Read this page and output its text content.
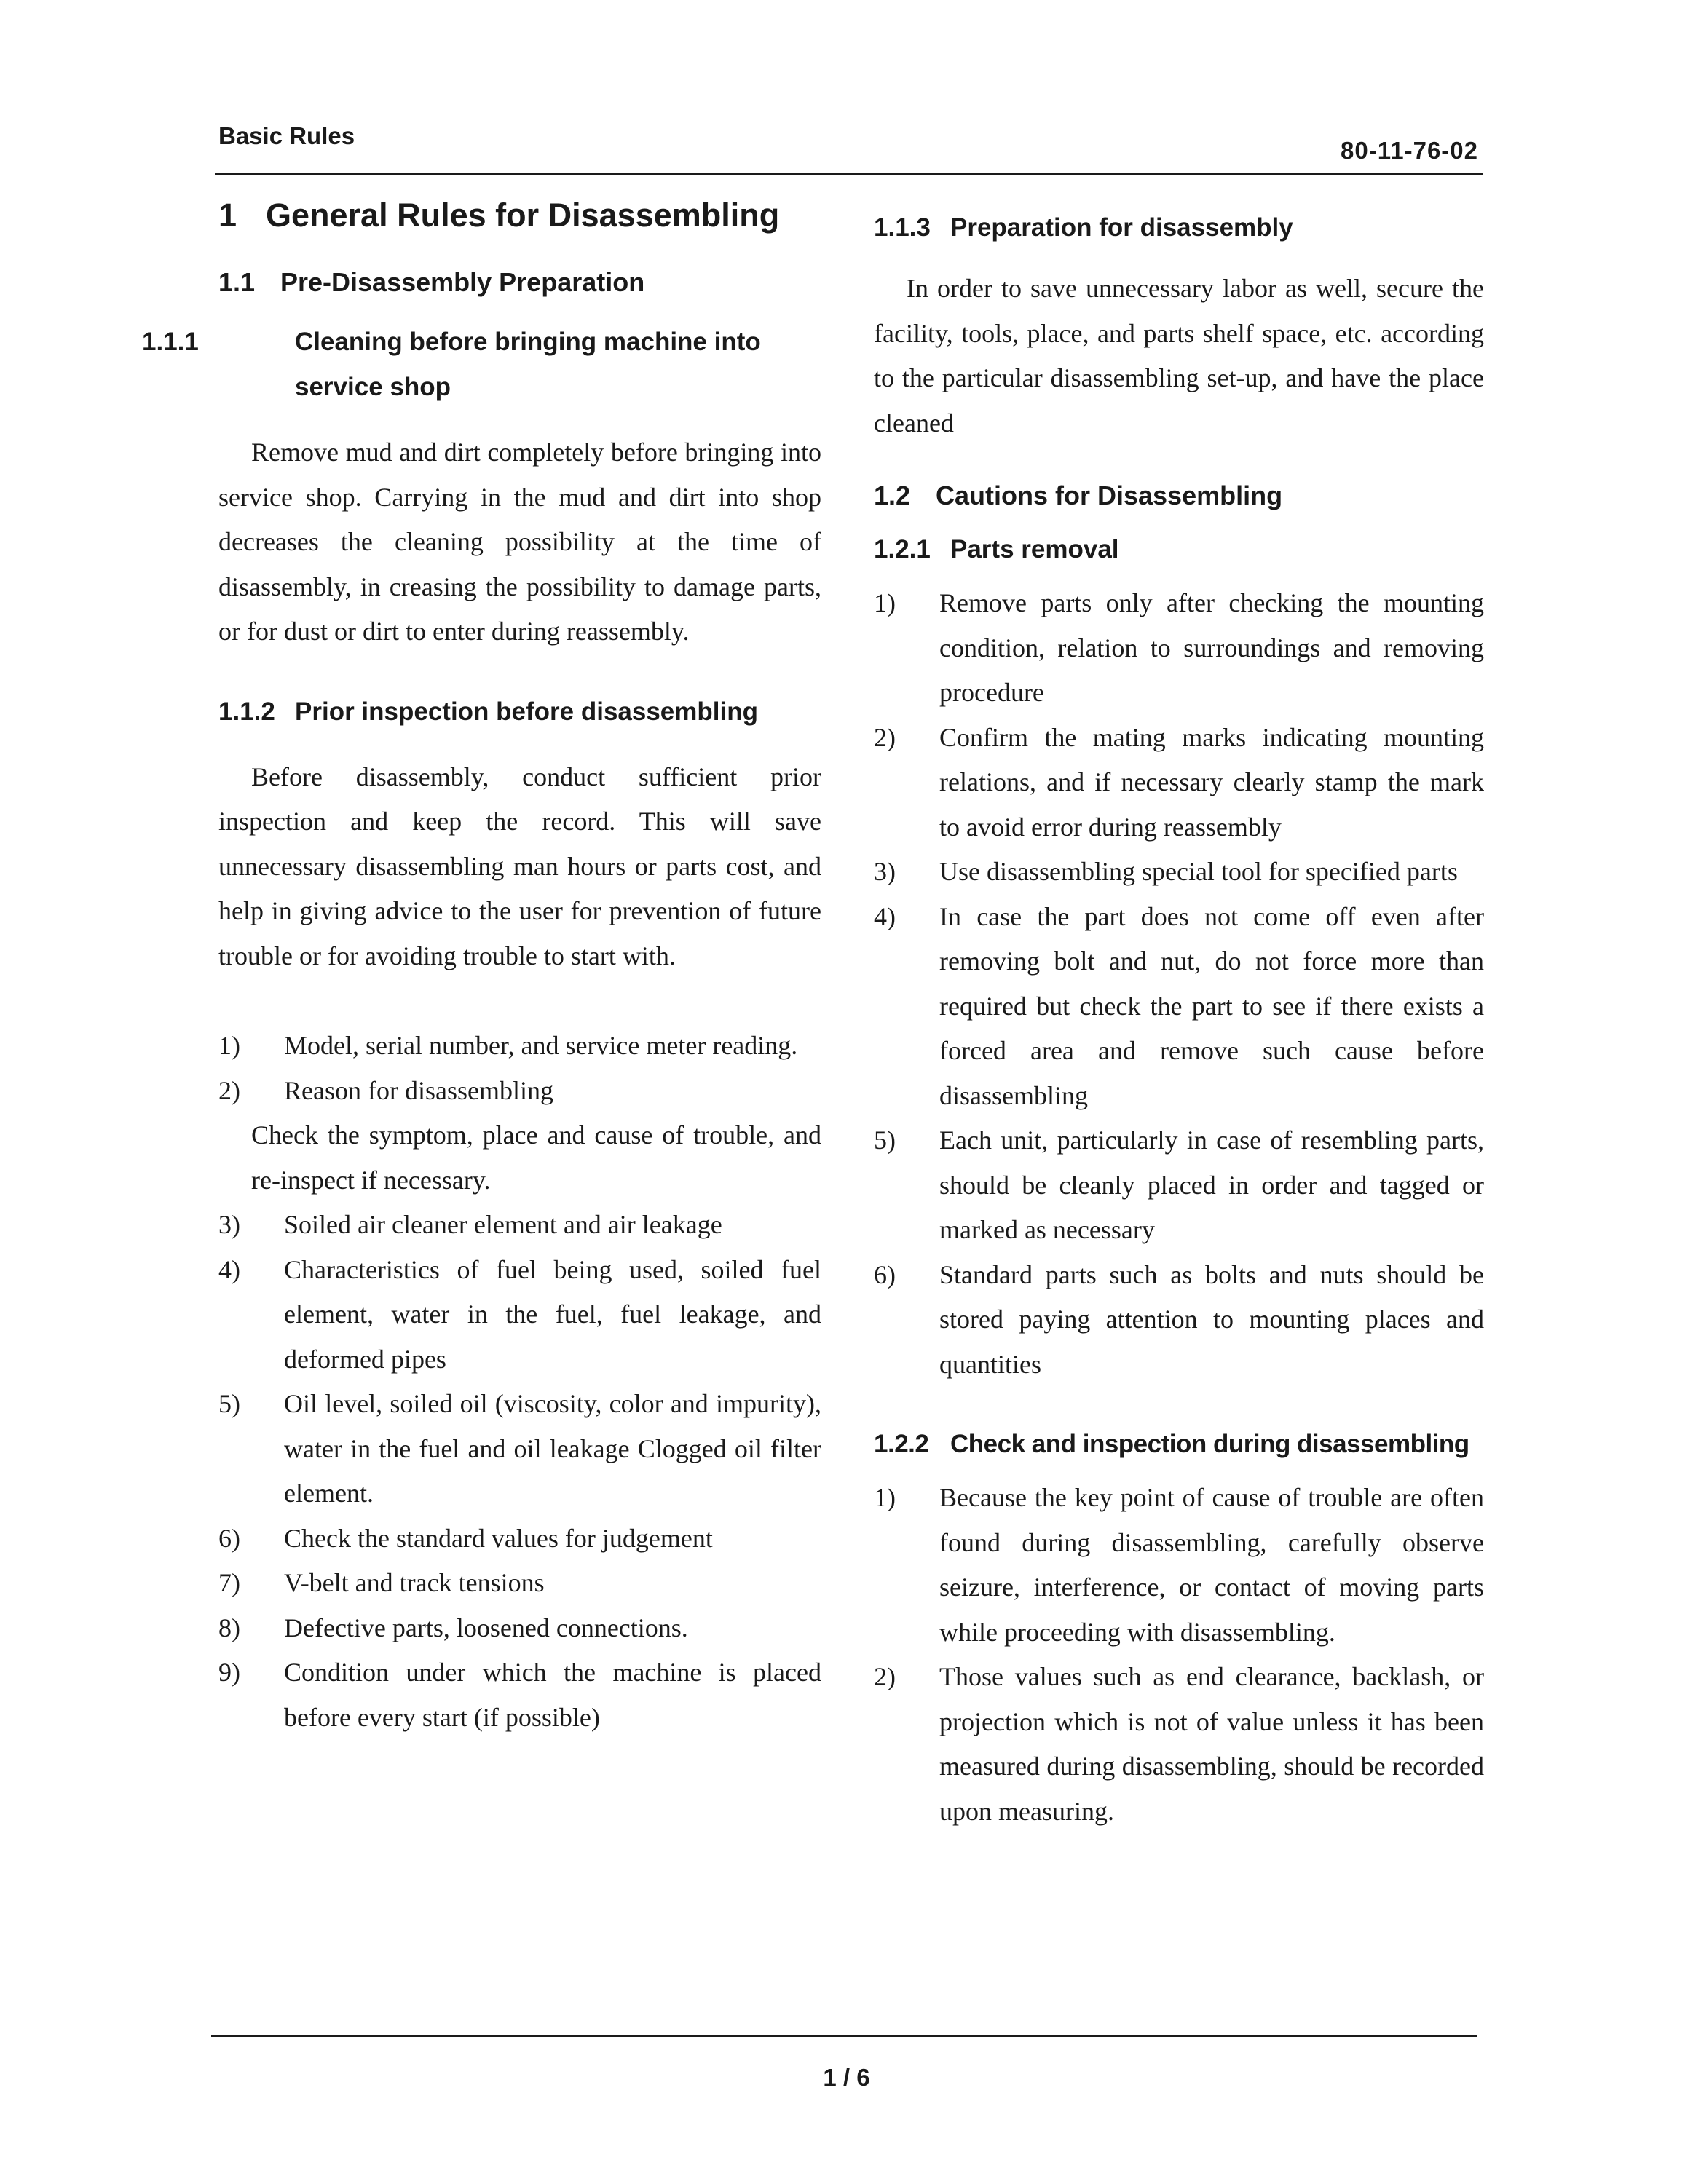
Basic Rules
80-11-76-02
1 General Rules for Disassembling
1.1 Pre-Disassembly Preparation
1.1.1	Cleaning before bringing machine into service shop

Remove mud and dirt completely before bringing into service shop. Carrying in the mud and dirt into shop decreases the cleaning possibility at the time of disassembly, in creasing the possibility to damage parts, or for dust or dirt to enter during reassembly.

1.1.2 Prior inspection before disassembling

Before disassembly, conduct sufficient prior inspection and keep the record. This will save unnecessary disassembling man hours or parts cost, and help in giving advice to the user for prevention of future trouble or for avoiding trouble to start with.

1) Model, serial number, and service meter reading.
2) Reason for disassembling
Check the symptom, place and cause of trouble, and re-inspect if necessary.
3) Soiled air cleaner element and air leakage
4) Characteristics of fuel being used, soiled fuel element, water in the fuel, fuel leakage, and deformed pipes
5) Oil level, soiled oil (viscosity, color and impurity), water in the fuel and oil leakage Clogged oil filter element.
6) Check the standard values for judgement
7) V-belt and track tensions
8) Defective parts, loosened connections.
9) Condition under which the machine is placed before every start (if possible)
1.1.3 Preparation for disassembly

In order to save unnecessary labor as well, secure the facility, tools, place, and parts shelf space, etc. according to the particular disassembling set-up, and have the place cleaned

1.2 Cautions for Disassembling
1.2.1 Parts removal
1) Remove parts only after checking the mounting condition, relation to surroundings and removing procedure
2) Confirm the mating marks indicating mounting relations, and if necessary clearly stamp the mark to avoid error during reassembly
3) Use disassembling special tool for specified parts
4) In case the part does not come off even after removing bolt and nut, do not force more than required but check the part to see if there exists a forced area and remove such cause before disassembling
5) Each unit, particularly in case of resembling parts, should be cleanly placed in order and tagged or marked as necessary
6) Standard parts such as bolts and nuts should be stored paying attention to mounting places and quantities
1.2.2 Check and inspection during disassembling
1) Because the key point of cause of trouble are often found during disassembling, carefully observe seizure, interference, or contact of moving parts while proceeding with disassembling.
2) Those values such as end clearance, backlash, or projection which is not of value unless it has been measured during disassembling, should be recorded upon measuring.
1 / 6
